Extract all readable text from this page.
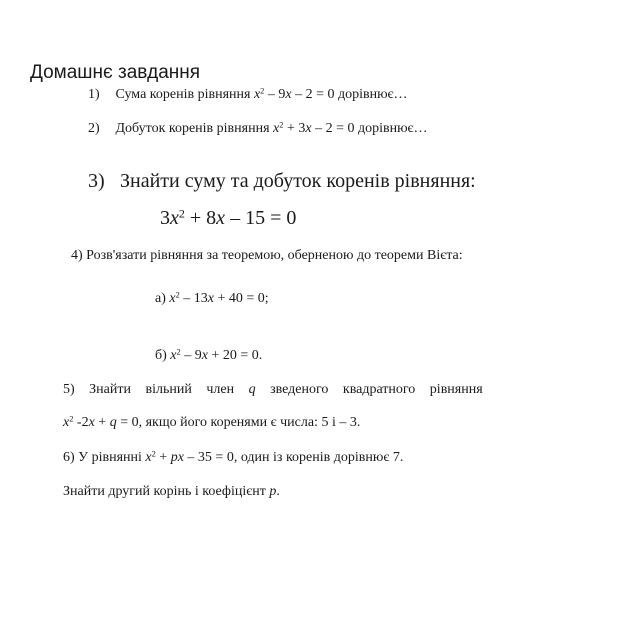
Домашнє завдання
1) Сума коренів рівняння $x^2 - 9x - 2 = 0$ дорівнює…
2) Добуток коренів рівняння $x^2 + 3x - 2 = 0$ дорівнює…
3) Знайти суму та добуток коренів рівняння:
$3x^2 + 8x - 15 = 0$
4) Розв'язати рівняння за теоремою, оберненою до теореми Вієта:
а) $x^2 - 13x + 40 = 0$;
б) $x^2 - 9x + 20 = 0$.
5) Знайти вільний член q зведеного квадратного рівняння
$x^2$ -2x + q = 0, якщо його коренями є числа: 5 і – 3.
6) У рівнянні $x^2$ + px – 35 = 0, один із коренів дорівнює 7.
Знайти другий корінь і коефіцієнт p.
